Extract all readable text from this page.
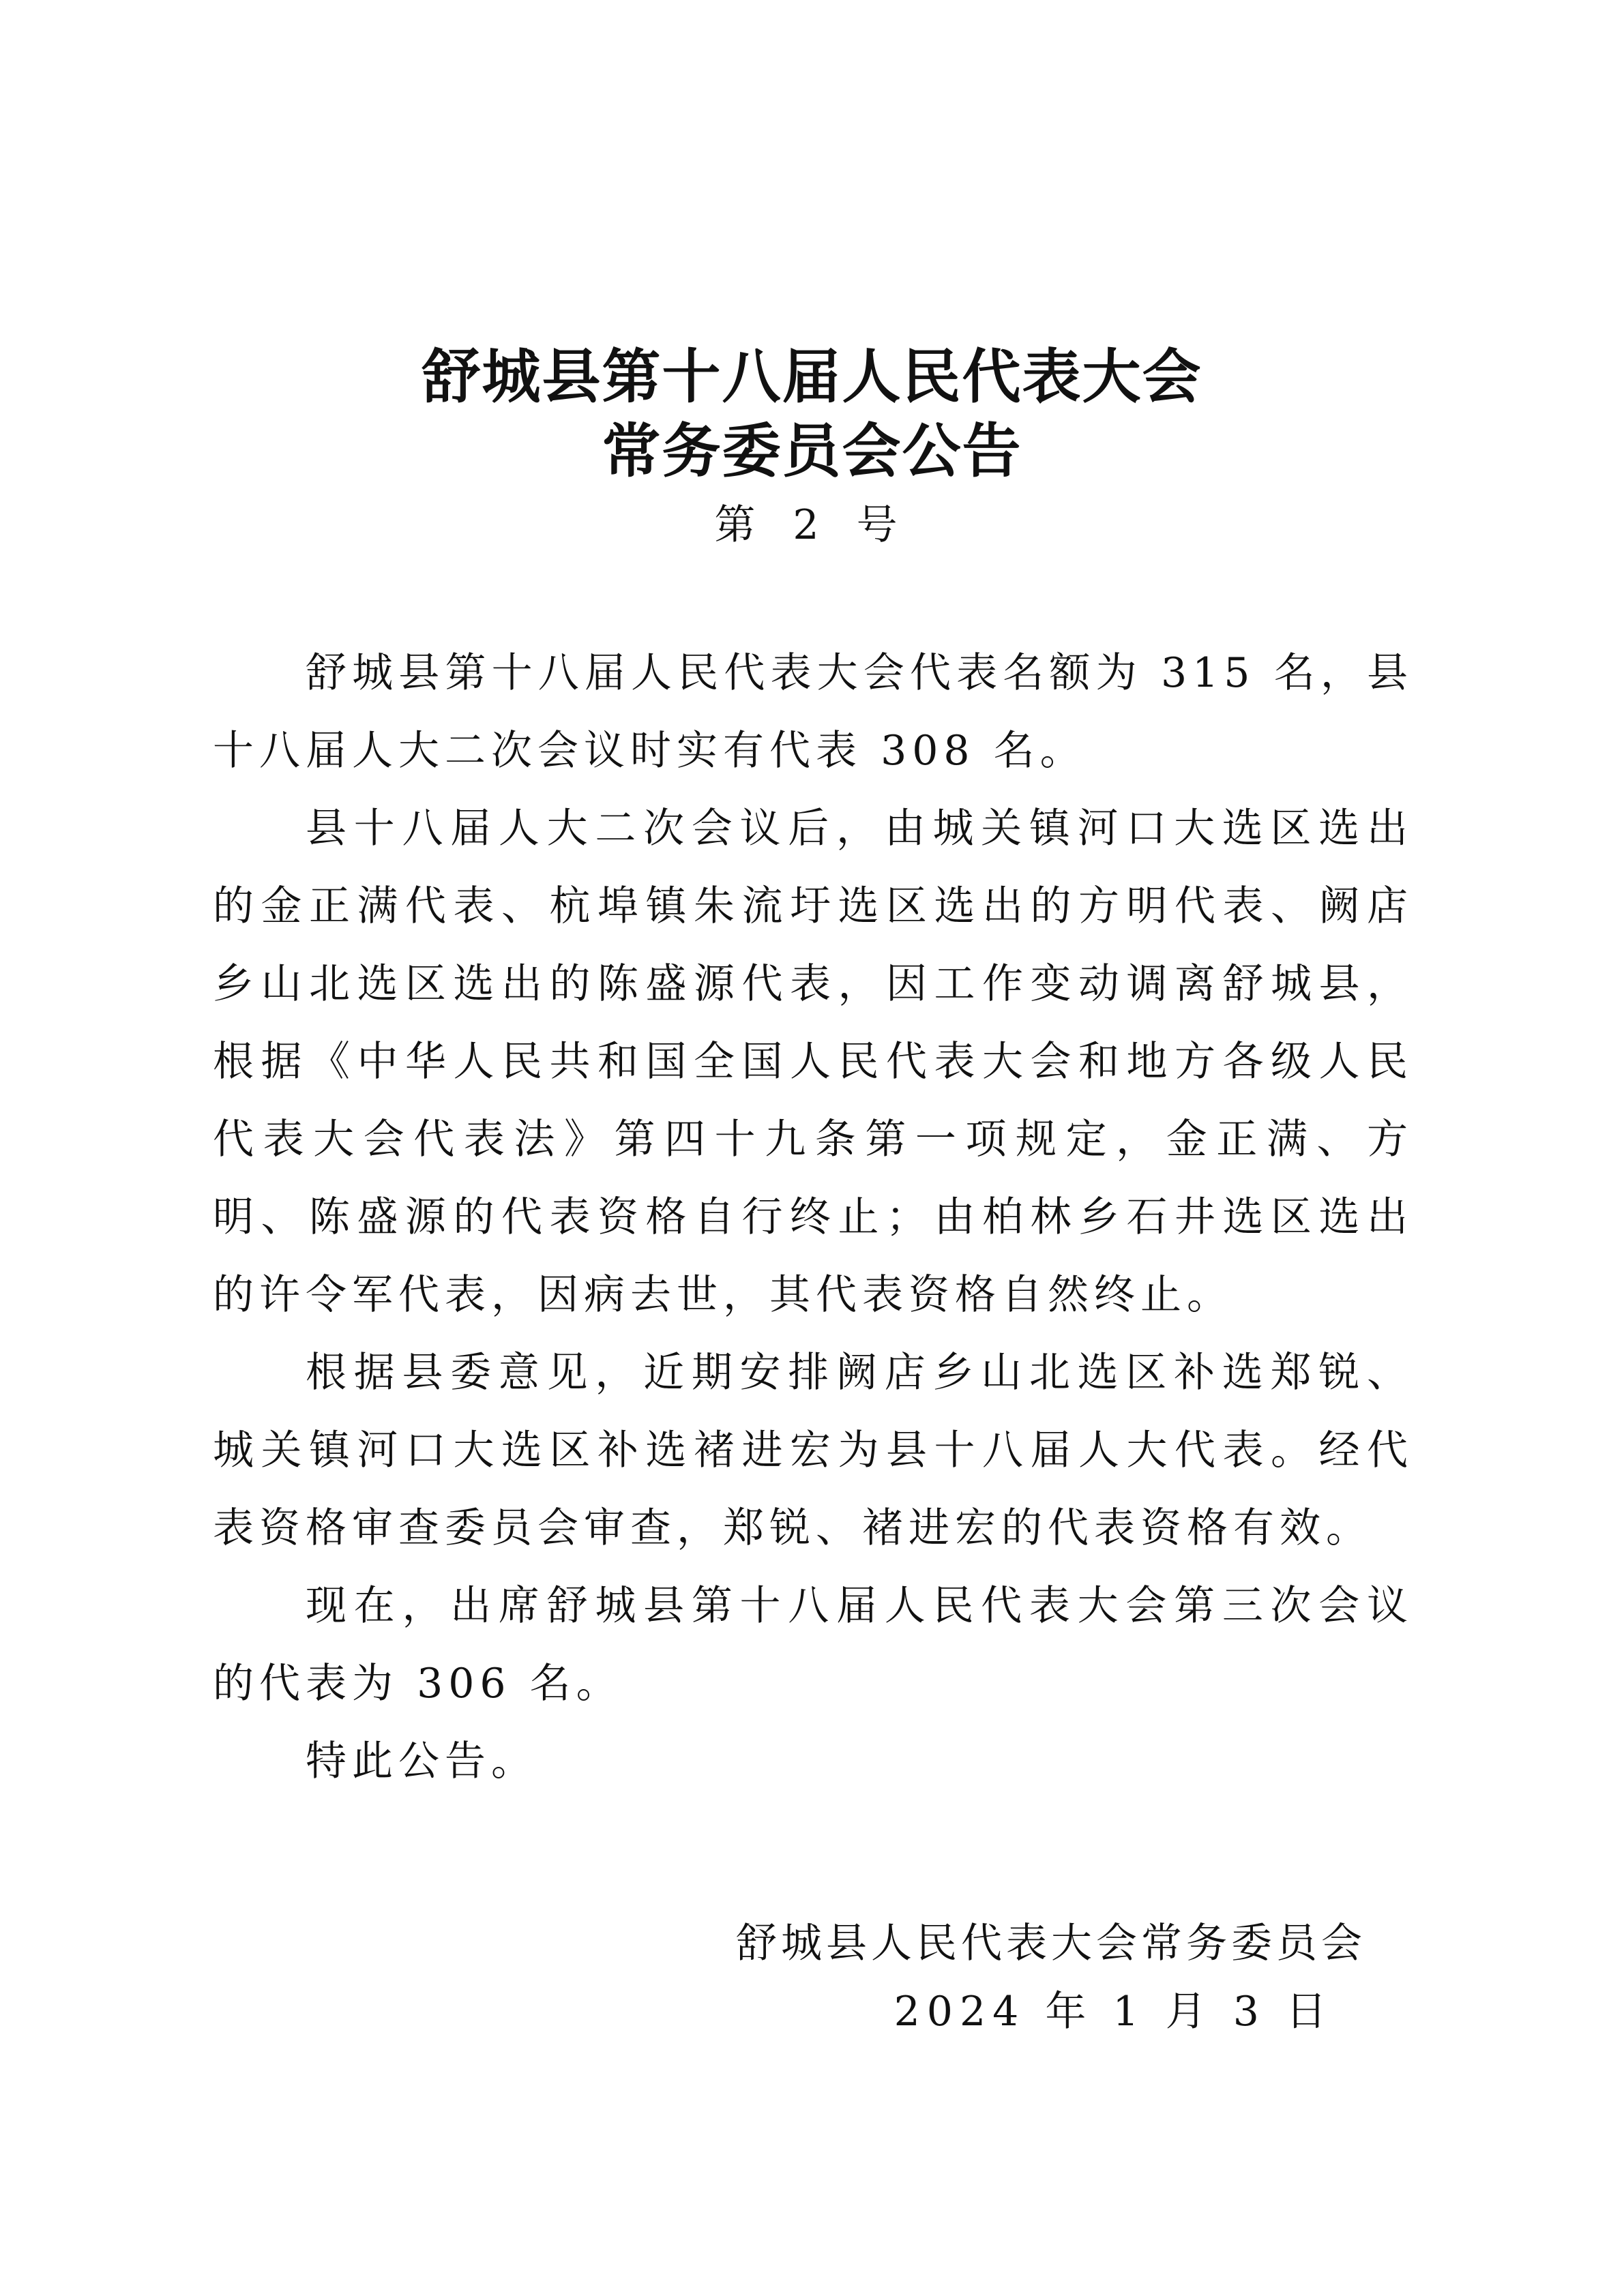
舒城县第十八届人民代表大会
常务委员会公告
第 2 号

舒城县第十八届人民代表大会代表名额为 315 名，县十八届人大二次会议时实有代表 308 名。

县十八届人大二次会议后，由城关镇河口大选区选出的金正满代表、杭埠镇朱流圩选区选出的方明代表、阙店乡山北选区选出的陈盛源代表，因工作变动调离舒城县，根据《中华人民共和国全国人民代表大会和地方各级人民代表大会代表法》第四十九条第一项规定，金正满、方明、陈盛源的代表资格自行终止；由柏林乡石井选区选出的许令军代表，因病去世，其代表资格自然终止。

根据县委意见，近期安排阙店乡山北选区补选郑锐、城关镇河口大选区补选褚进宏为县十八届人大代表。经代表资格审查委员会审查，郑锐、褚进宏的代表资格有效。

现在，出席舒城县第十八届人民代表大会第三次会议的代表为 306 名。

特此公告。

舒城县人民代表大会常务委员会
2024 年 1 月 3 日
